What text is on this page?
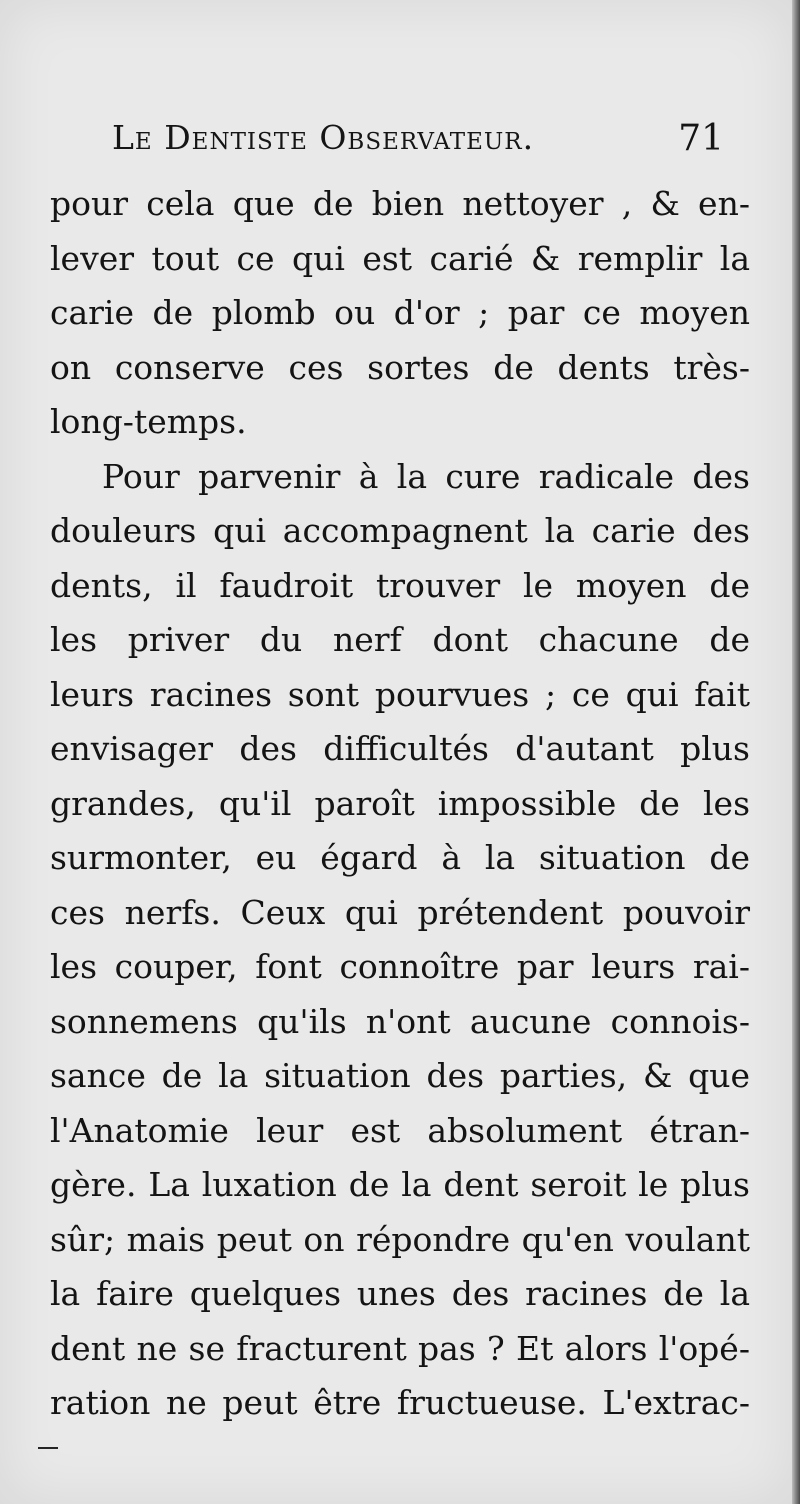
Le Dentiste Observateur.	71
pour cela que de bien nettoyer , & en-
lever tout ce qui est carié & remplir la
carie de plomb ou d'or ; par ce moyen
on conserve ces sortes de dents très-
long-temps.
Pour parvenir à la cure radicale des
douleurs qui accompagnent la carie des
dents, il faudroit trouver le moyen de
les priver du nerf dont chacune de
leurs racines sont pourvues ; ce qui fait
envisager des difficultés d'autant plus
grandes, qu'il paroît impossible de les
surmonter, eu égard à la situation de
ces nerfs. Ceux qui prétendent pouvoir
les couper, font connoître par leurs rai-
sonnemens qu'ils n'ont aucune connois-
sance de la situation des parties, & que
l'Anatomie leur est absolument étran-
gère. La luxation de la dent seroit le plus
sûr; mais peut on répondre qu'en voulant
la faire quelques unes des racines de la
dent ne se fracturent pas ? Et alors l'opé-
ration ne peut être fructueuse. L'extrac-
